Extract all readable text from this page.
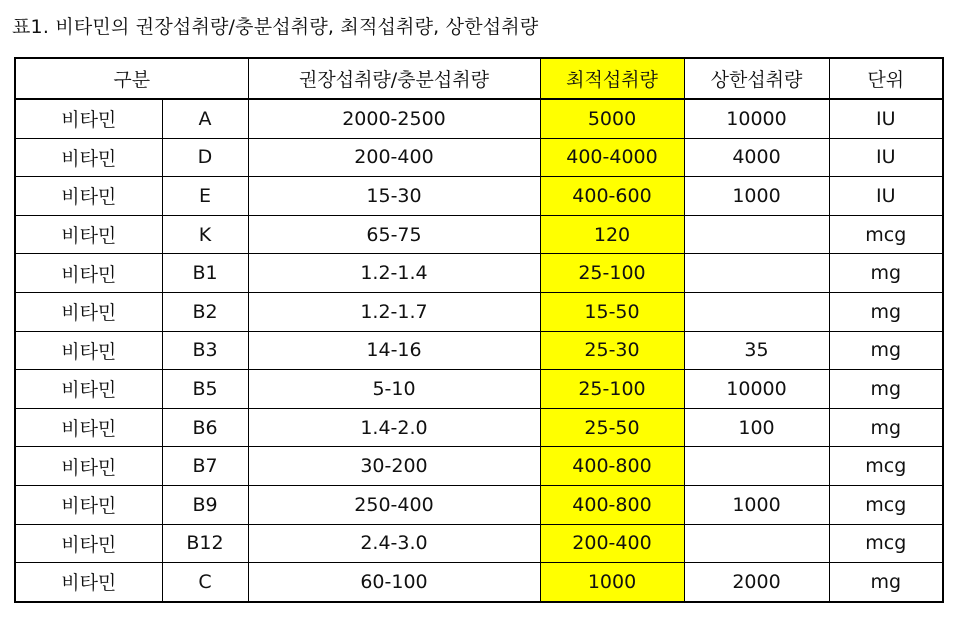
표1. 비타민의 권장섭취량/충분섭취량, 최적섭취량, 상한섭취량
구분		권장섭취량/충분섭취량	최적섭취량	상한섭취량	단위
비타민	A	2000-2500	5000	10000	IU
비타민	D	200-400	400-4000	4000	IU
비타민	E	15-30	400-600	1000	IU
비타민	K	65-75	120		mcg
비타민	B1	1.2-1.4	25-100		mg
비타민	B2	1.2-1.7	15-50		mg
비타민	B3	14-16	25-30	35	mg
비타민	B5	5-10	25-100	10000	mg
비타민	B6	1.4-2.0	25-50	100	mg
비타민	B7	30-200	400-800		mcg
비타민	B9	250-400	400-800	1000	mcg
비타민	B12	2.4-3.0	200-400		mcg
비타민	C	60-100	1000	2000	mg
